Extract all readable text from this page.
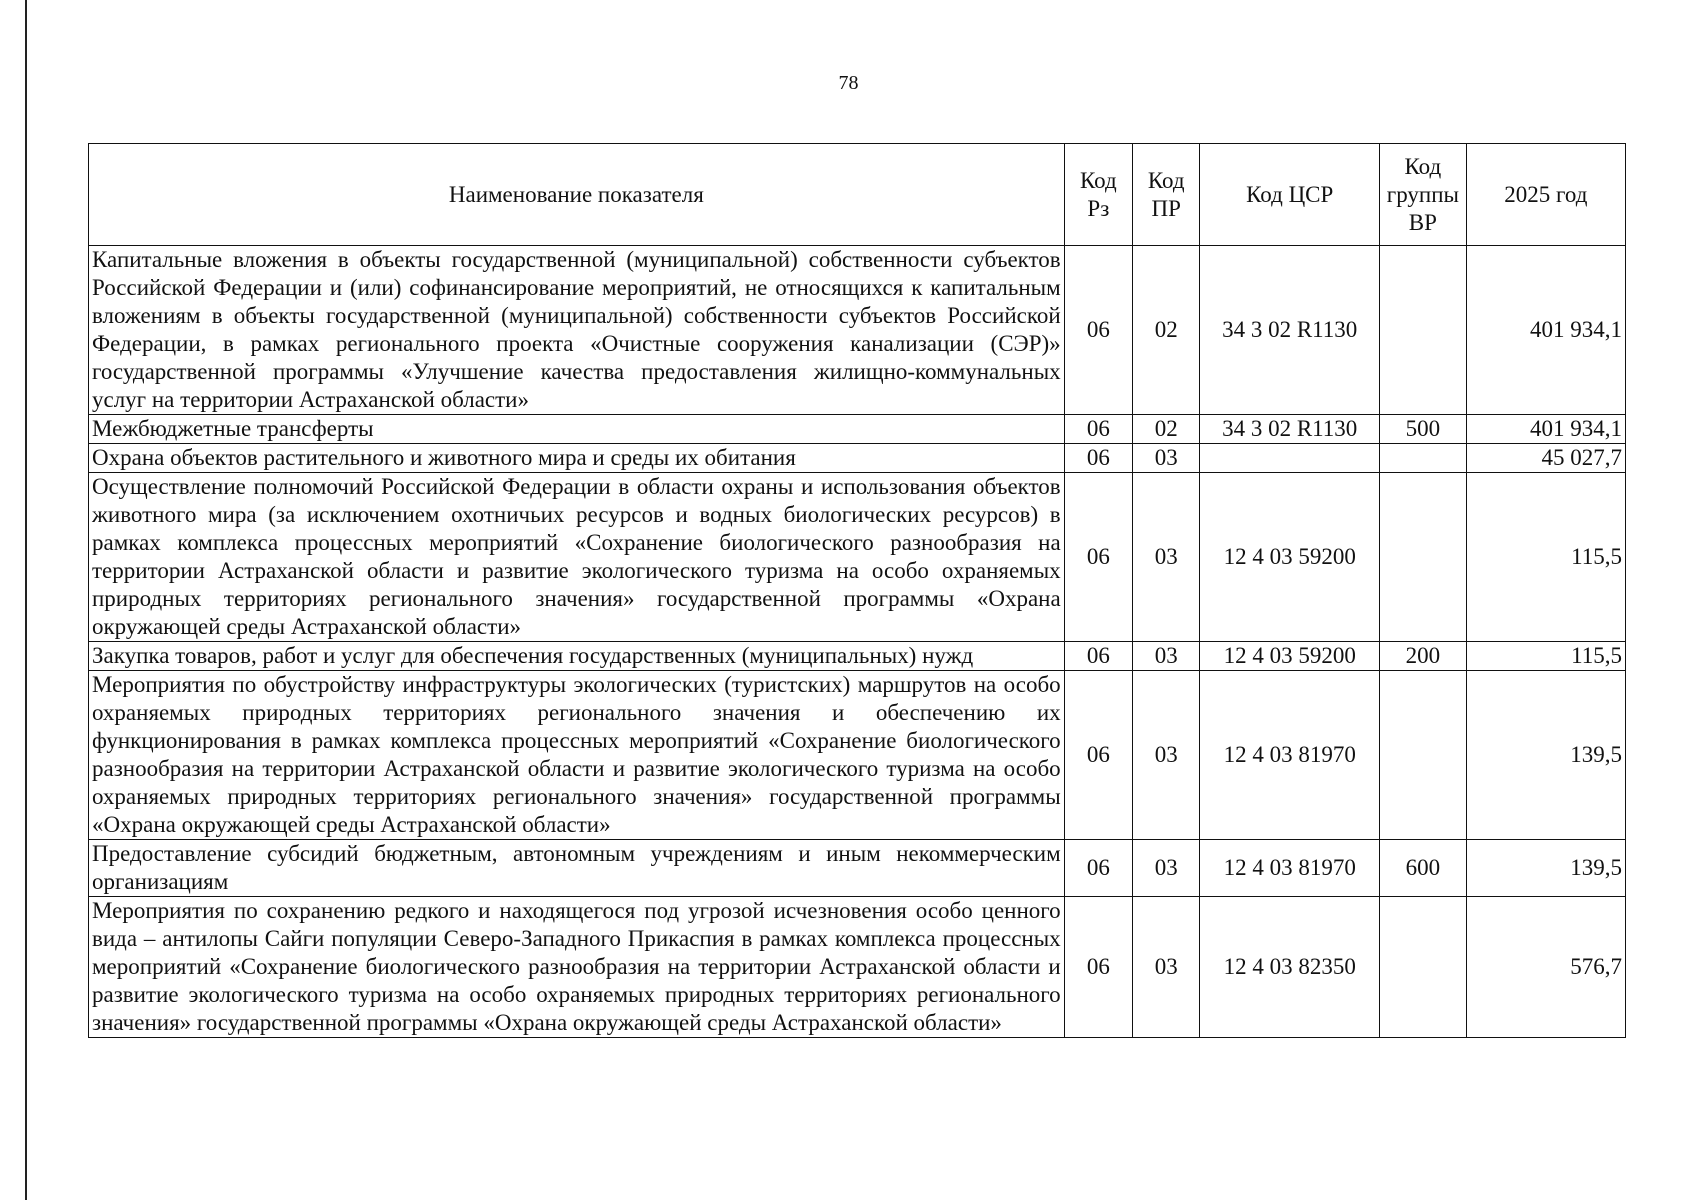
78
Наименование показателя	Код Рз	Код ПР	Код ЦСР	Код группы ВР	2025 год
Капитальные вложения в объекты государственной (муниципальной) собственности субъектов Российской Федерации и (или) софинансирование мероприятий, не относящихся к капитальным вложениям в объекты государственной (муниципальной) собственности субъектов Российской Федерации, в рамках регионального проекта «Очистные сооружения канализации (СЭР)» государственной программы «Улучшение качества предоставления жилищно-коммунальных услуг на территории Астраханской области»	06	02	34 3 02 R1130		401 934,1
Межбюджетные трансферты	06	02	34 3 02 R1130	500	401 934,1
Охрана объектов растительного и животного мира и среды их обитания	06	03			45 027,7
Осуществление полномочий Российской Федерации в области охраны и использования объектов животного мира (за исключением охотничьих ресурсов и водных биологических ресурсов) в рамках комплекса процессных мероприятий «Сохранение биологического разнообразия на территории Астраханской области и развитие экологического туризма на особо охраняемых природных территориях регионального значения» государственной программы «Охрана окружающей среды Астраханской области»	06	03	12 4 03 59200		115,5
Закупка товаров, работ и услуг для обеспечения государственных (муниципальных) нужд	06	03	12 4 03 59200	200	115,5
Мероприятия по обустройству инфраструктуры экологических (туристских) маршрутов на особо охраняемых природных территориях регионального значения и обеспечению их функционирования в рамках комплекса процессных мероприятий «Сохранение биологического разнообразия на территории Астраханской области и развитие экологического туризма на особо охраняемых природных территориях регионального значения» государственной программы «Охрана окружающей среды Астраханской области»	06	03	12 4 03 81970		139,5
Предоставление субсидий бюджетным, автономным учреждениям и иным некоммерческим организациям	06	03	12 4 03 81970	600	139,5
Мероприятия по сохранению редкого и находящегося под угрозой исчезновения особо ценного вида – антилопы Сайги популяции Северо-Западного Прикаспия в рамках комплекса процессных мероприятий «Сохранение биологического разнообразия на территории Астраханской области и развитие экологического туризма на особо охраняемых природных территориях регионального значения» государственной программы «Охрана окружающей среды Астраханской области»	06	03	12 4 03 82350		576,7
